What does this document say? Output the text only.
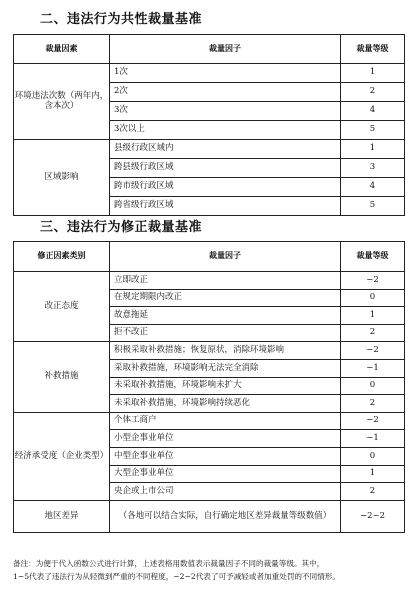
二、违法行为共性裁量基准
裁量因素	裁量因子	裁量等级
环境违法次数（两年内，含本次）	1次	1
	2次	2
	3次	4
	3次以上	5
区域影响	县级行政区域内	1
	跨县级行政区域	3
	跨市级行政区域	4
	跨省级行政区域	5
三、违法行为修正裁量基准
修正因素类别	裁量因子	裁量等级
改正态度	立即改正	−2
	在规定期限内改正	0
	故意拖延	1
	拒不改正	2
补救措施	积极采取补救措施；恢复原状，消除环境影响	−2
	采取补救措施，环境影响无法完全消除	−1
	未采取补救措施，环境影响未扩大	0
	未采取补救措施，环境影响持续恶化	2
经济承受度（企业类型）	个体工商户	−2
	小型企事业单位	−1
	中型企事业单位	0
	大型企事业单位	1
	央企或上市公司	2
地区差异	（各地可以结合实际，自行确定地区差异裁量等级数值）	−2~2
备注：为便于代入函数公式进行计算，上述表格用数值表示裁量因子不同的裁量等级。其中，
1~5代表了违法行为从轻微到严重的不同程度，−2~2代表了可予减轻或者加重处罚的不同情形。
